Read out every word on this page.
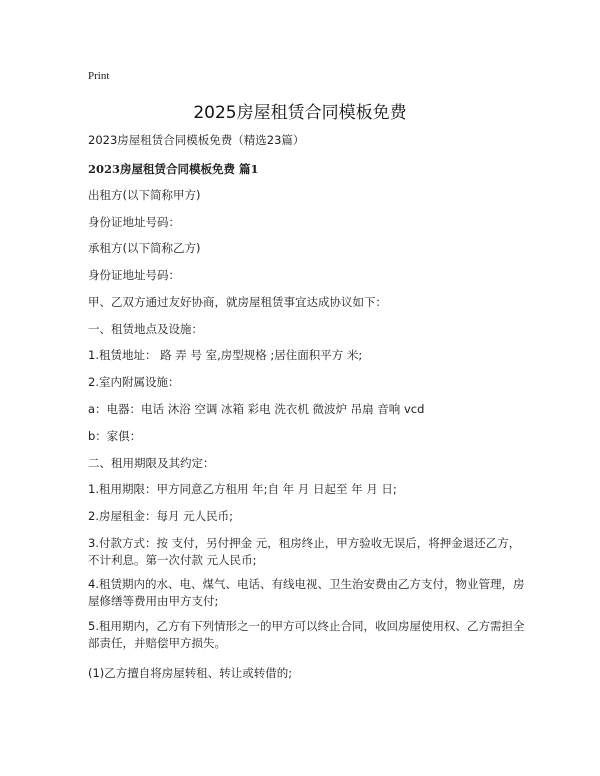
Print
2025房屋租赁合同模板免费
2023房屋租赁合同模板免费（精选23篇）
2023房屋租赁合同模板免费 篇1
出租方(以下简称甲方)
身份证地址号码：
承租方(以下简称乙方)
身份证地址号码：
甲、乙双方通过友好协商，就房屋租赁事宜达成协议如下：
一、租赁地点及设施：
1.租赁地址： 路 弄 号 室,房型规格 ;居住面积平方 米;
2.室内附属设施：
a：电器：电话 沐浴 空调 冰箱 彩电 洗衣机 微波炉 吊扇 音响 vcd
b：家俱：
二、租用期限及其约定：
1.租用期限：甲方同意乙方租用 年;自 年 月 日起至 年 月 日;
2.房屋租金：每月 元人民币;
3.付款方式：按 支付，另付押金 元，租房终止，甲方验收无误后，将押金退还乙方，不计利息。第一次付款 元人民币;
4.租赁期内的水、电、煤气、电话、有线电视、卫生治安费由乙方支付，物业管理，房屋修缮等费用由甲方支付;
5.租用期内，乙方有下列情形之一的甲方可以终止合同，收回房屋使用权、乙方需担全部责任，并赔偿甲方损失。
(1)乙方擅自将房屋转租、转让或转借的;
